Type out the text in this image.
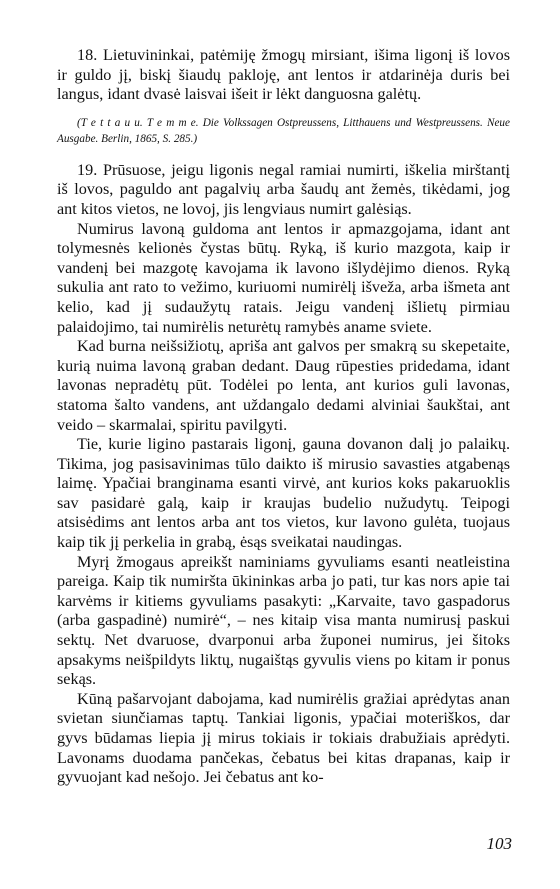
18. Lietuvininkai, patėmiję žmogų mirsiant, išima ligonį iš lovos ir guldo jį, biskį šiaudų pakloję, ant lentos ir atdarinėja duris bei langus, idant dvasė laisvai išeit ir lėkt danguosna galėtų.

(T e t t a u u. T e m m e. Die Volkssagen Ostpreussens, Litthauens und Westpreussens. Neue Ausgabe. Berlin, 1865, S. 285.)

19. Prūsuose, jeigu ligonis negal ramiai numirti, iškelia mirštantį iš lovos, paguldo ant pagalvių arba šaudų ant žemės, tikėdami, jog ant kitos vietos, ne lovoj, jis lengviaus numirt galėsiąs.

Numirus lavoną guldoma ant lentos ir apmazgojama, idant ant tolymesnės kelionės čystas būtų. Ryką, iš kurio mazgota, kaip ir vandenį bei mazgotę kavojama ik lavono išlydėjimo dienos. Ryką sukulia ant rato to vežimo, kuriuomi numirėlį išveža, arba išmeta ant kelio, kad jį sudaužytų ratais. Jeigu vandenį išlietų pirmiau palaidojimo, tai numirėlis neturėtų ramybės aname sviete.

Kad burna neišsižiotų, apriša ant galvos per smakrą su skepetaite, kurią nuima lavoną graban dedant. Daug rūpesties pridedama, idant lavonas nepradėtų pūt. Todėlei po lenta, ant kurios guli lavonas, statoma šalto vandens, ant uždangalo dedami alviniai šaukštai, ant veido – skarmalai, spiritu pavilgyti.

Tie, kurie ligino pastarais ligonį, gauna dovanon dalį jo palaikų. Tikima, jog pasisavinimas tūlo daikto iš mirusio savasties atgabenąs laimę. Ypačiai branginama esanti virvė, ant kurios koks pakaruoklis sav pasidarė galą, kaip ir kraujas budelio nužudytų. Teipogi atsisėdims ant lentos arba ant tos vietos, kur lavono gulėta, tuojaus kaip tik jį perkelia in grabą, ėsąs sveikatai naudingas.

Myrį žmogaus apreikšt naminiams gyvuliams esanti neatleistina pareiga. Kaip tik numiršta ūkininkas arba jo pati, tur kas nors apie tai karvėms ir kitiems gyvuliams pasakyti: „Karvaite, tavo gaspadorus (arba gaspadinė) numirė“, – nes kitaip visa manta numirusį paskui sektų. Net dvaruose, dvarponui arba župonei numirus, jei šitoks apsakyms neišpildyts liktų, nugaištąs gyvulis viens po kitam ir ponus sekąs.

Kūną pašarvojant dabojama, kad numirėlis gražiai aprėdytas anan svietan siunčiamas taptų. Tankiai ligonis, ypačiai moteriškos, dar gyvs būdamas liepia jį mirus tokiais ir tokiais drabužiais aprėdyti. Lavonams duodama pančekas, čebatus bei kitas drapanas, kaip ir gyvuojant kad nešojo. Jei čebatus ant ko-

103
